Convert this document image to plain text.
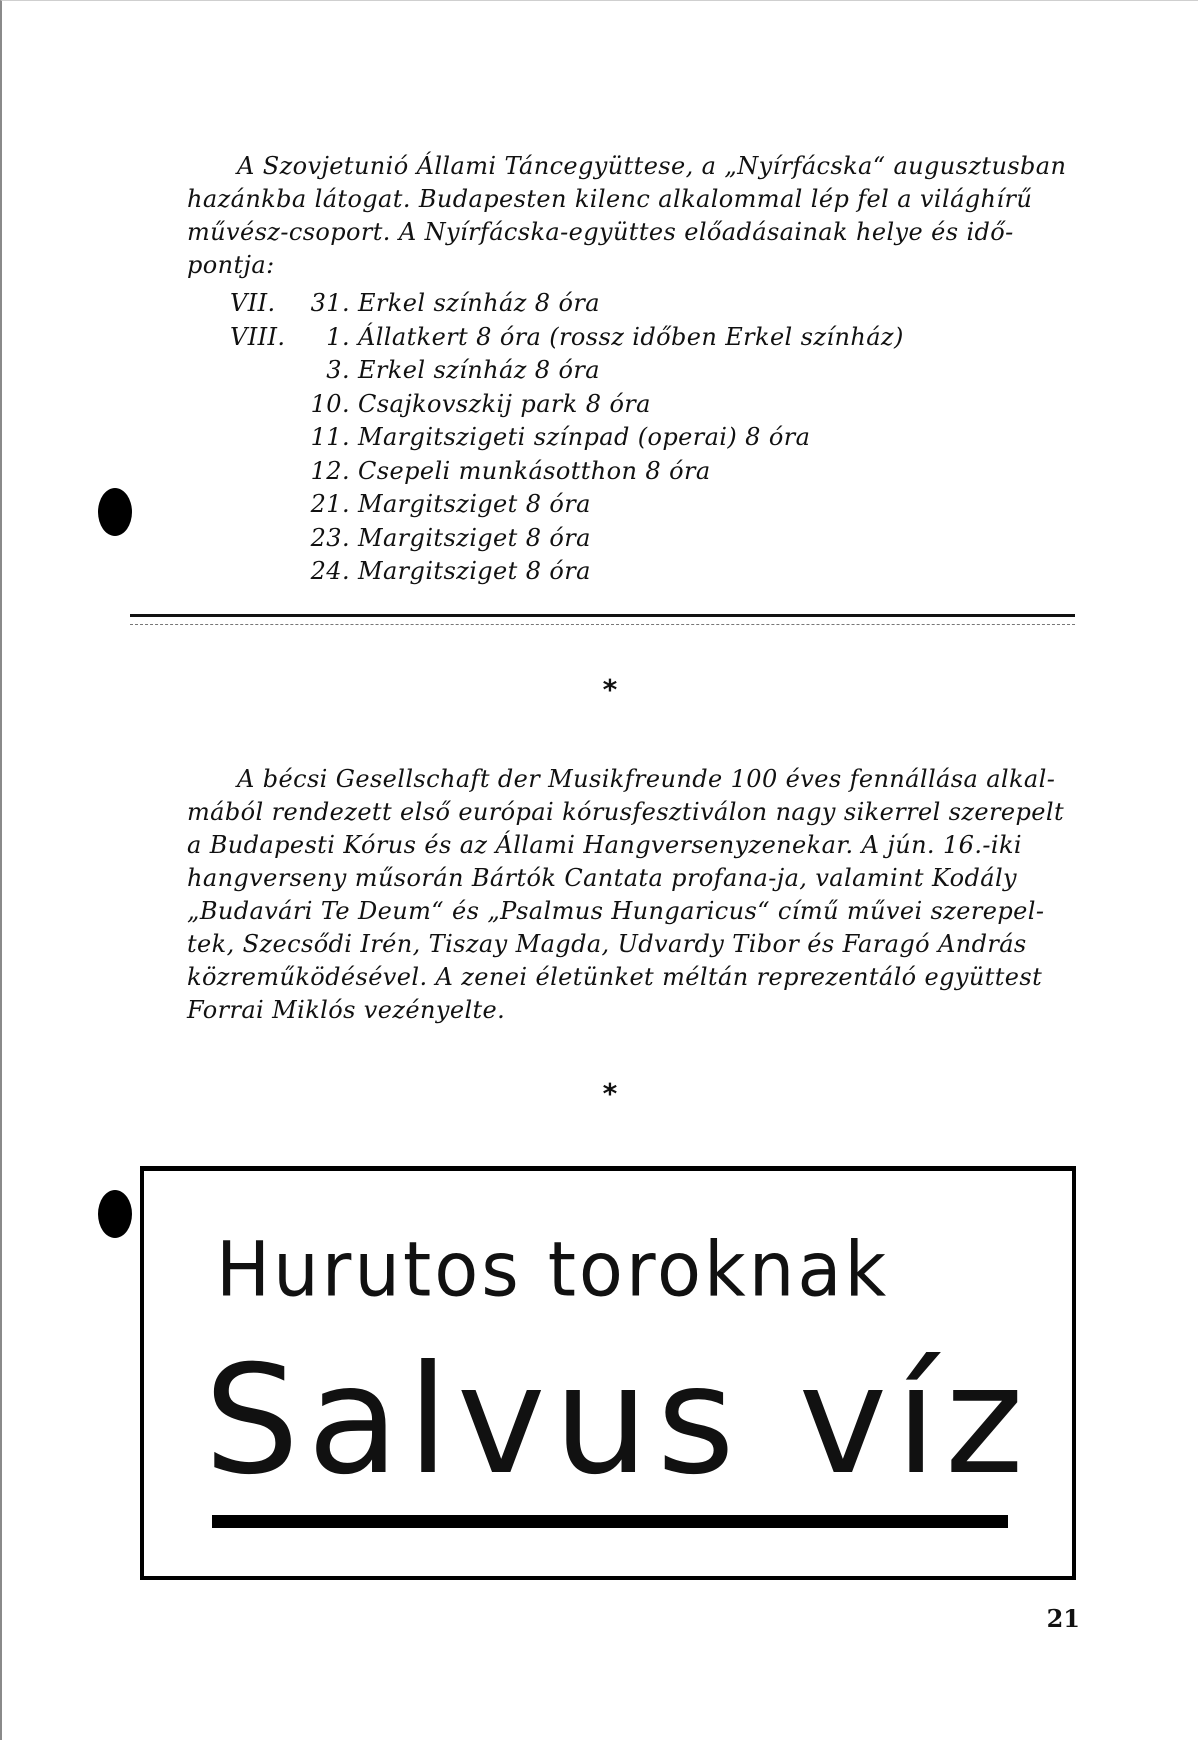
A Szovjetunió Állami Táncegyüttese, a „Nyírfácska“ augusztusban

hazánkba látogat. Budapesten kilenc alkalommal lép fel a világhírű

művész-csoport. A Nyírfácska-együttes előadásainak helye és idő-

pontja:

VII.	31. Erkel színház 8 óra
VIII.	1. Állatkert 8 óra (rossz időben Erkel színház)
3. Erkel színház 8 óra
10. Csajkovszkij park 8 óra
11. Margitszigeti színpad (operai) 8 óra
12. Csepeli munkásotthon 8 óra
21. Margitsziget 8 óra
23. Margitsziget 8 óra
24. Margitsziget 8 óra
*

A bécsi Gesellschaft der Musikfreunde 100 éves fennállása alkal-

mából rendezett első európai kórusfesztiválon nagy sikerrel szerepelt

a Budapesti Kórus és az Állami Hangversenyzenekar. A jún. 16.-iki

hangverseny műsorán Bártók Cantata profana-ja, valamint Kodály

„Budavári Te Deum“ és „Psalmus Hungaricus“ című művei szerepel-

tek, Szecsődi Irén, Tiszay Magda, Udvardy Tibor és Faragó András

közreműködésével. A zenei életünket méltán reprezentáló együttest

Forrai Miklós vezényelte.

*
Hurutos toroknak
Salvus víz
21
